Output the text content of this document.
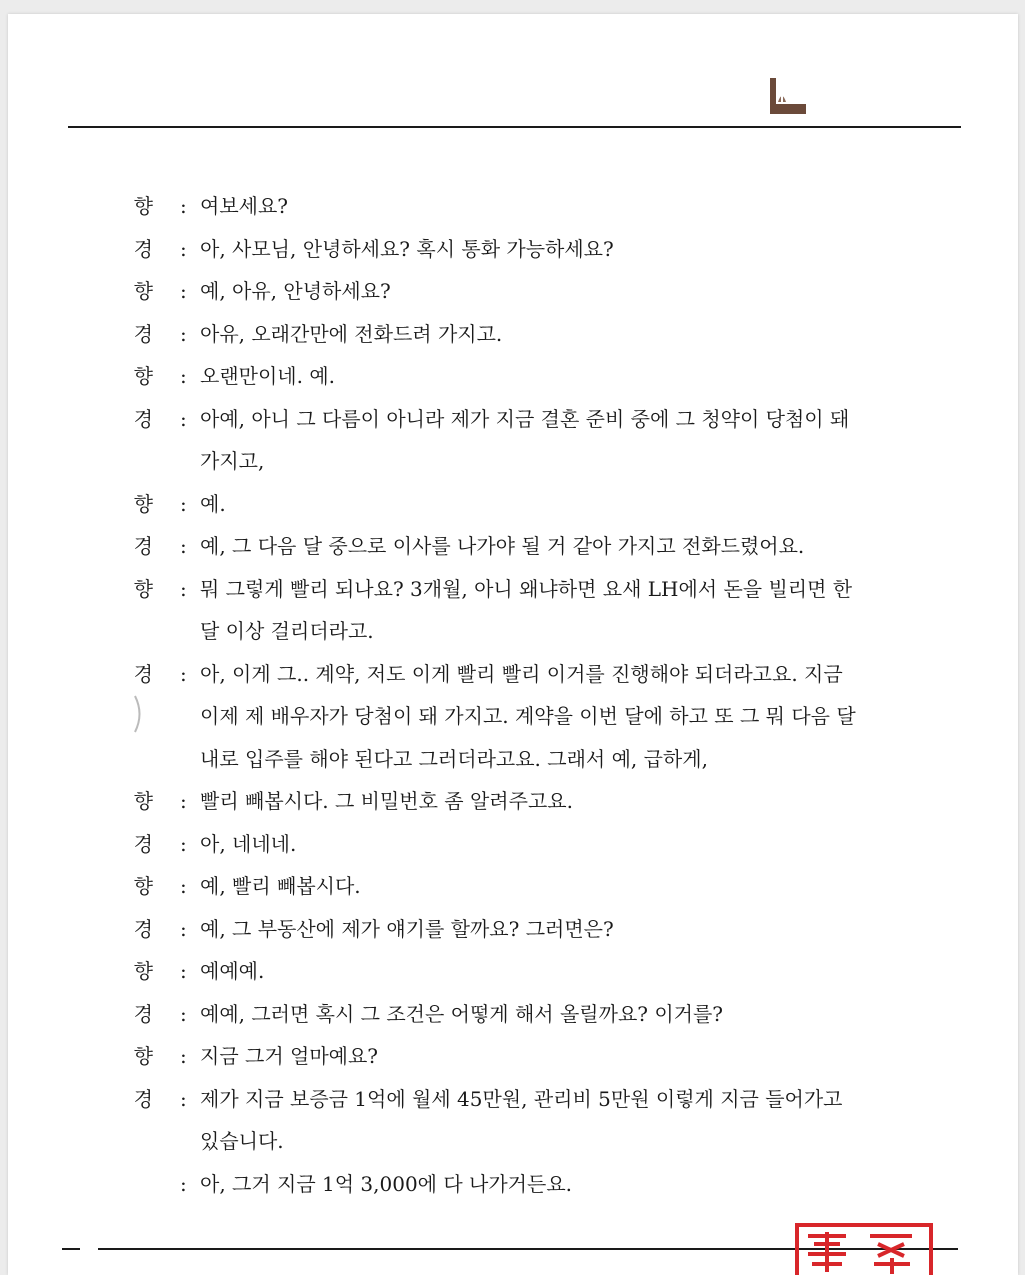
향 : 여보세요?
경 : 아, 사모님, 안녕하세요? 혹시 통화 가능하세요?
향 : 예, 아유, 안녕하세요?
경 : 아유, 오래간만에 전화드려 가지고.
향 : 오랜만이네. 예.
경 : 아예, 아니 그 다름이 아니라 제가 지금 결혼 준비 중에 그 청약이 당첨이 돼
가지고,
향 : 예.
경 : 예, 그 다음 달 중으로 이사를 나가야 될 거 같아 가지고 전화드렸어요.
향 : 뭐 그렇게 빨리 되나요? 3개월, 아니 왜냐하면 요새 LH에서 돈을 빌리면 한
달 이상 걸리더라고.
경 : 아, 이게 그.. 계약, 저도 이게 빨리 빨리 이거를 진행해야 되더라고요. 지금
이제 제 배우자가 당첨이 돼 가지고. 계약을 이번 달에 하고 또 그 뭐 다음 달
내로 입주를 해야 된다고 그러더라고요. 그래서 예, 급하게,
향 : 빨리 빼봅시다. 그 비밀번호 좀 알려주고요.
경 : 아, 네네네.
향 : 예, 빨리 빼봅시다.
경 : 예, 그 부동산에 제가 얘기를 할까요? 그러면은?
향 : 예예예.
경 : 예예, 그러면 혹시 그 조건은 어떻게 해서 올릴까요? 이거를?
향 : 지금 그거 얼마예요?
경 : 제가 지금 보증금 1억에 월세 45만원, 관리비 5만원 이렇게 지금 들어가고
있습니다.
: 아, 그거 지금 1억 3,000에 다 나가거든요.
